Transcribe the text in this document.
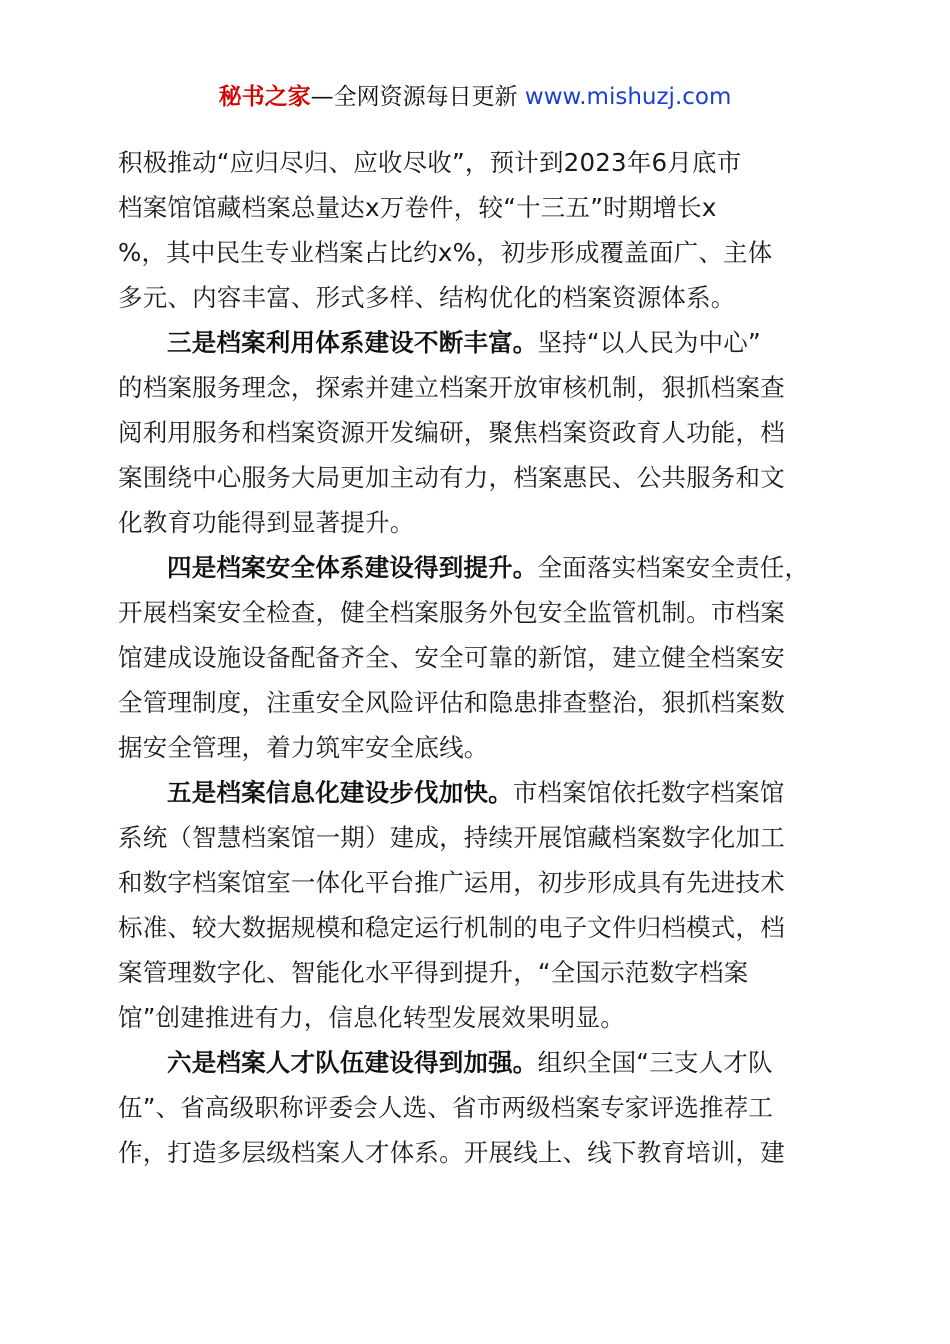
秘书之家—全网资源每日更新 www.mishuzj.com
积极推动“应归尽归、应收尽收”，预计到2023年6月底市
档案馆馆藏档案总量达x万卷件，较“十三五”时期增长x
%，其中民生专业档案占比约x%，初步形成覆盖面广、主体
多元、内容丰富、形式多样、结构优化的档案资源体系。
三是档案利用体系建设不断丰富。坚持“以人民为中心”
的档案服务理念，探索并建立档案开放审核机制，狠抓档案查
阅利用服务和档案资源开发编研，聚焦档案资政育人功能，档
案围绕中心服务大局更加主动有力，档案惠民、公共服务和文
化教育功能得到显著提升。
四是档案安全体系建设得到提升。全面落实档案安全责任，
开展档案安全检查，健全档案服务外包安全监管机制。市档案
馆建成设施设备配备齐全、安全可靠的新馆，建立健全档案安
全管理制度，注重安全风险评估和隐患排查整治，狠抓档案数
据安全管理，着力筑牢安全底线。
五是档案信息化建设步伐加快。市档案馆依托数字档案馆
系统（智慧档案馆一期）建成，持续开展馆藏档案数字化加工
和数字档案馆室一体化平台推广运用，初步形成具有先进技术
标准、较大数据规模和稳定运行机制的电子文件归档模式，档
案管理数字化、智能化水平得到提升，“全国示范数字档案
馆”创建推进有力，信息化转型发展效果明显。
六是档案人才队伍建设得到加强。组织全国“三支人才队
伍”、省高级职称评委会人选、省市两级档案专家评选推荐工
作，打造多层级档案人才体系。开展线上、线下教育培训，建
